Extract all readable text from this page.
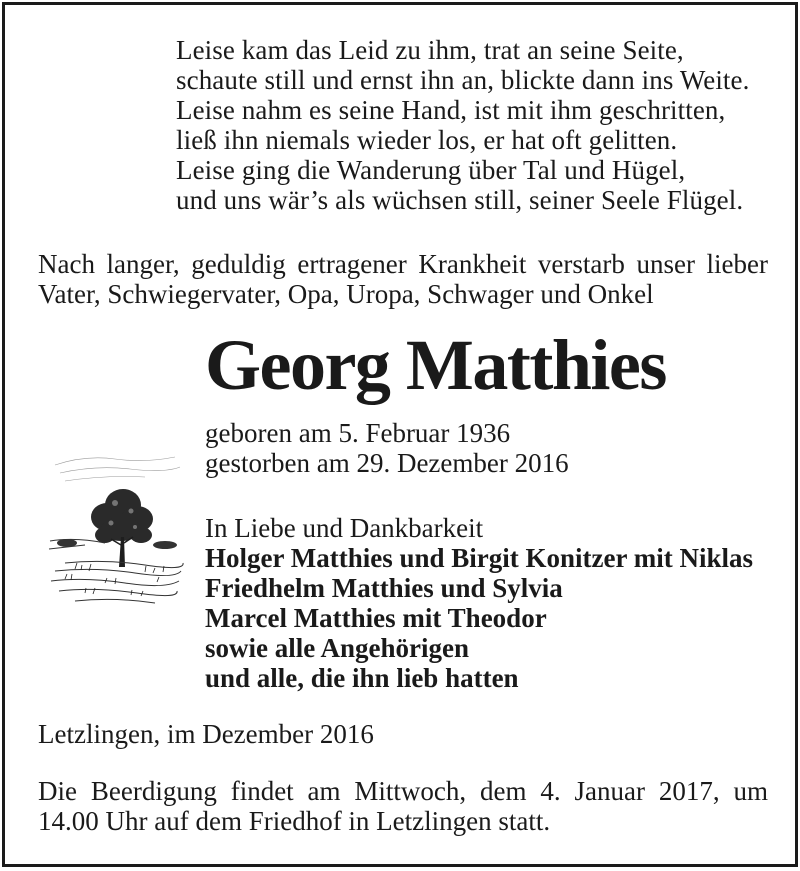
Leise kam das Leid zu ihm, trat an seine Seite,
schaute still und ernst ihn an, blickte dann ins Weite.
Leise nahm es seine Hand, ist mit ihm geschritten,
ließ ihn niemals wieder los, er hat oft gelitten.
Leise ging die Wanderung über Tal und Hügel,
und uns wär’s als wüchsen still, seiner Seele Flügel.
Nach langer, geduldig ertragener Krankheit verstarb unser lieber
Vater, Schwiegervater, Opa, Uropa, Schwager und Onkel
Georg Matthies
geboren am 5. Februar 1936
gestorben am 29. Dezember 2016
In Liebe und Dankbarkeit
Holger Matthies und Birgit Konitzer mit Niklas
Friedhelm Matthies und Sylvia
Marcel Matthies mit Theodor
sowie alle Angehörigen
und alle, die ihn lieb hatten
Letzlingen, im Dezember 2016
Die Beerdigung findet am Mittwoch, dem 4. Januar 2017, um
14.00 Uhr auf dem Friedhof in Letzlingen statt.
